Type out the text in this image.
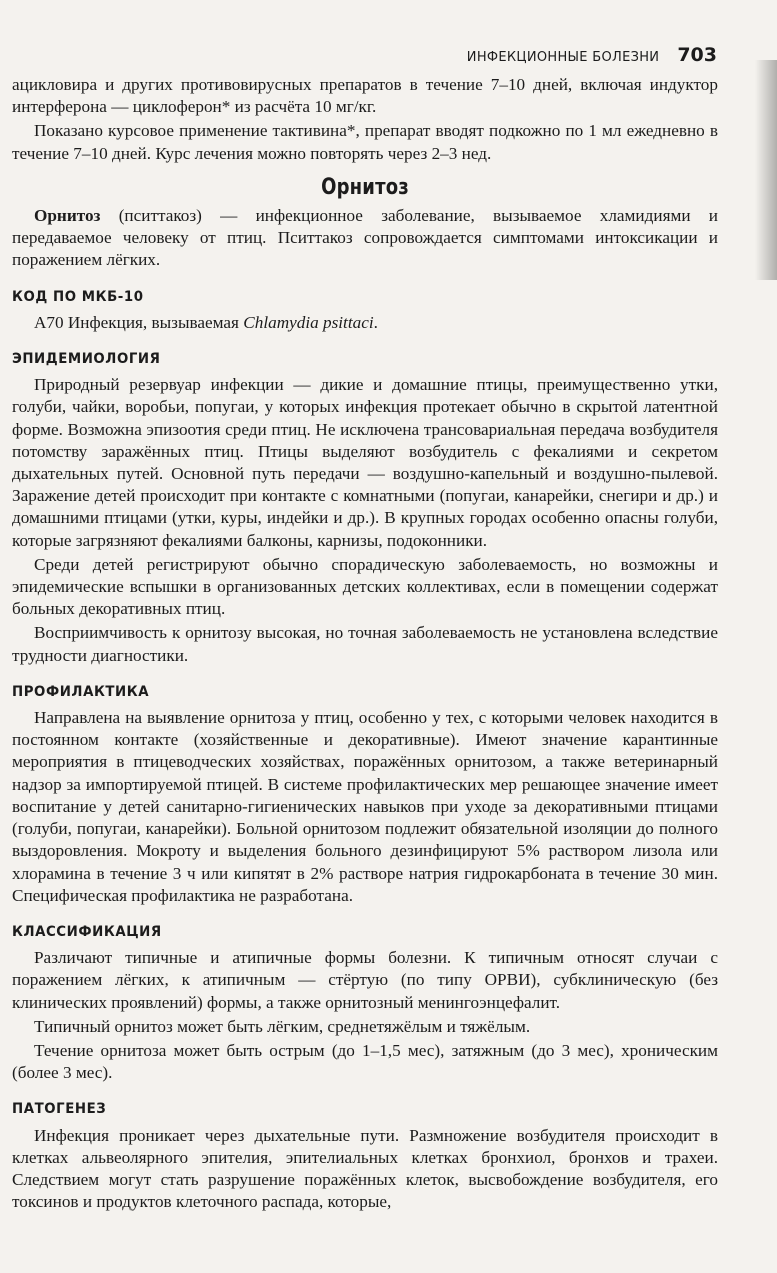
ИНФЕКЦИОННЫЕ БОЛЕЗНИ 703

ацикловира и других противовирусных препаратов в течение 7–10 дней, включая индуктор интерферона — циклоферон* из расчёта 10 мг/кг.

Показано курсовое применение тактивина*, препарат вводят подкожно по 1 мл ежедневно в течение 7–10 дней. Курс лечения можно повторять через 2–3 нед.

Орнитоз

Орнитоз (пситтакоз) — инфекционное заболевание, вызываемое хламидиями и передаваемое человеку от птиц. Пситтакоз сопровождается симптомами интоксикации и поражением лёгких.

КОД ПО МКБ-10

A70 Инфекция, вызываемая Chlamydia psittaci.

ЭПИДЕМИОЛОГИЯ

Природный резервуар инфекции — дикие и домашние птицы, преимущественно утки, голуби, чайки, воробьи, попугаи, у которых инфекция протекает обычно в скрытой латентной форме. Возможна эпизоотия среди птиц. Не исключена трансовариальная передача возбудителя потомству заражённых птиц. Птицы выделяют возбудитель с фекалиями и секретом дыхательных путей. Основной путь передачи — воздушно-капельный и воздушно-пылевой. Заражение детей происходит при контакте с комнатными (попугаи, канарейки, снегири и др.) и домашними птицами (утки, куры, индейки и др.). В крупных городах особенно опасны голуби, которые загрязняют фекалиями балконы, карнизы, подоконники.

Среди детей регистрируют обычно спорадическую заболеваемость, но возможны и эпидемические вспышки в организованных детских коллективах, если в помещении содержат больных декоративных птиц.

Восприимчивость к орнитозу высокая, но точная заболеваемость не установлена вследствие трудности диагностики.

ПРОФИЛАКТИКА

Направлена на выявление орнитоза у птиц, особенно у тех, с которыми человек находится в постоянном контакте (хозяйственные и декоративные). Имеют значение карантинные мероприятия в птицеводческих хозяйствах, поражённых орнитозом, а также ветеринарный надзор за импортируемой птицей. В системе профилактических мер решающее значение имеет воспитание у детей санитарно-гигиенических навыков при уходе за декоративными птицами (голуби, попугаи, канарейки). Больной орнитозом подлежит обязательной изоляции до полного выздоровления. Мокроту и выделения больного дезинфицируют 5% раствором лизола или хлорамина в течение 3 ч или кипятят в 2% растворе натрия гидрокарбоната в течение 30 мин. Специфическая профилактика не разработана.

КЛАССИФИКАЦИЯ

Различают типичные и атипичные формы болезни. К типичным относят случаи с поражением лёгких, к атипичным — стёртую (по типу ОРВИ), субклиническую (без клинических проявлений) формы, а также орнитозный менингоэнцефалит.

Типичный орнитоз может быть лёгким, среднетяжёлым и тяжёлым.

Течение орнитоза может быть острым (до 1–1,5 мес), затяжным (до 3 мес), хроническим (более 3 мес).

ПАТОГЕНЕЗ

Инфекция проникает через дыхательные пути. Размножение возбудителя происходит в клетках альвеолярного эпителия, эпителиальных клетках бронхиол, бронхов и трахеи. Следствием могут стать разрушение поражённых клеток, высвобождение возбудителя, его токсинов и продуктов клеточного распада, которые,
